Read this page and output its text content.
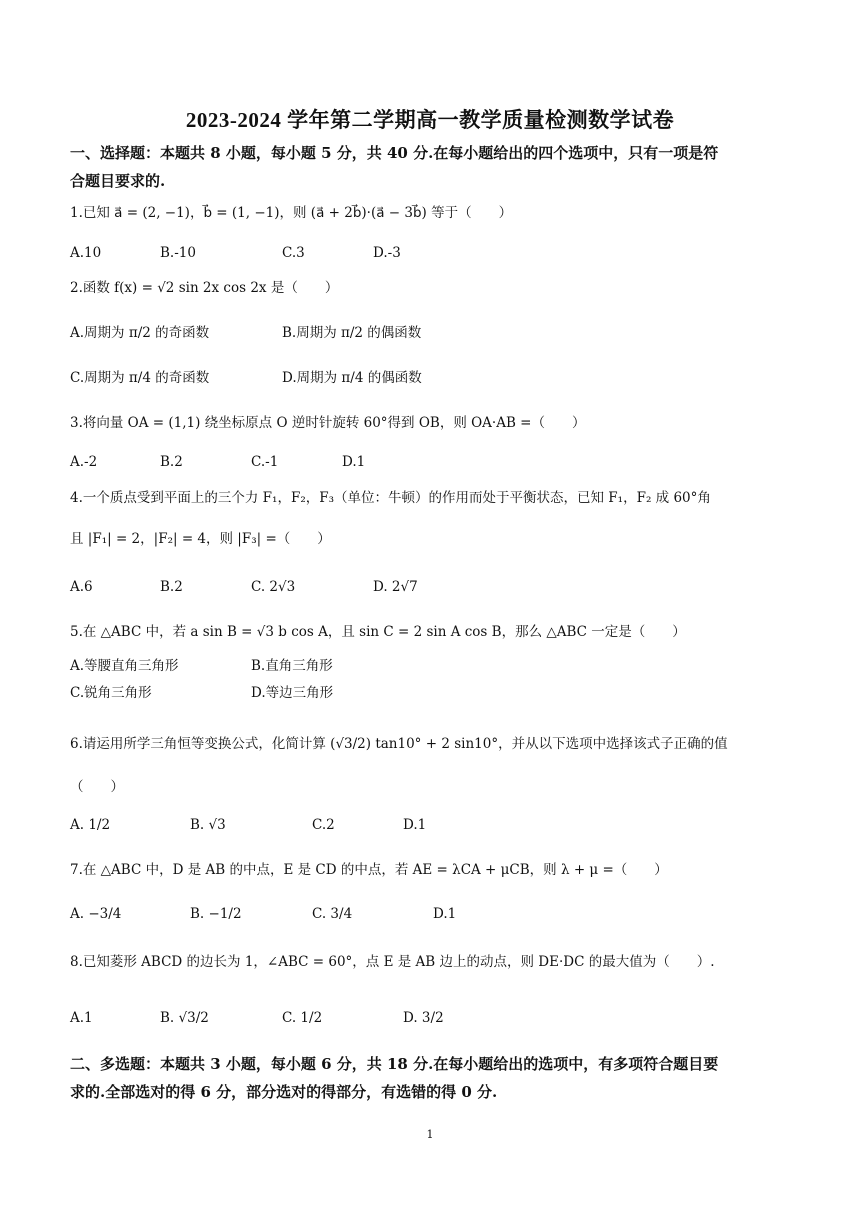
2023-2024 学年第二学期高一教学质量检测数学试卷
一、选择题：本题共 8 小题，每小题 5 分，共 40 分.在每小题给出的四个选项中，只有一项是符
合题目要求的.
1.已知 a⃗ = (2, −1)，b⃗ = (1, −1)，则 (a⃗ + 2b⃗)·(a⃗ − 3b⃗) 等于（　　）
A.10	B.-10	C.3	D.-3
2.函数 f(x) = √2 sin 2x cos 2x 是（　　）
A.周期为 π/2 的奇函数	B.周期为 π/2 的偶函数
C.周期为 π/4 的奇函数	D.周期为 π/4 的偶函数
3.将向量 OA = (1,1) 绕坐标原点 O 逆时针旋转 60°得到 OB，则 OA·AB =（　　）
A.-2	B.2	C.-1	D.1
4.一个质点受到平面上的三个力 F₁，F₂，F₃（单位：牛顿）的作用而处于平衡状态，已知 F₁，F₂ 成 60°角
且 |F₁| = 2，|F₂| = 4，则 |F₃| =（　　）
A.6	B.2	C. 2√3	D. 2√7
5.在 △ABC 中，若 a sin B = √3 b cos A，且 sin C = 2 sin A cos B，那么 △ABC 一定是（　　）
A.等腰直角三角形	B.直角三角形
C.锐角三角形	D.等边三角形
6.请运用所学三角恒等变换公式，化简计算 (√3/2) tan10° + 2 sin10°，并从以下选项中选择该式子正确的值
（　　）
A. 1/2	B. √3	C.2	D.1
7.在 △ABC 中，D 是 AB 的中点，E 是 CD 的中点，若 AE = λCA + μCB，则 λ + μ =（　　）
A. −3/4	B. −1/2	C. 3/4	D.1
8.已知菱形 ABCD 的边长为 1，∠ABC = 60°，点 E 是 AB 边上的动点，则 DE·DC 的最大值为（　　）.
A.1	B. √3/2	C. 1/2	D. 3/2
二、多选题：本题共 3 小题，每小题 6 分，共 18 分.在每小题给出的选项中，有多项符合题目要
求的.全部选对的得 6 分，部分选对的得部分，有选错的得 0 分.
1
